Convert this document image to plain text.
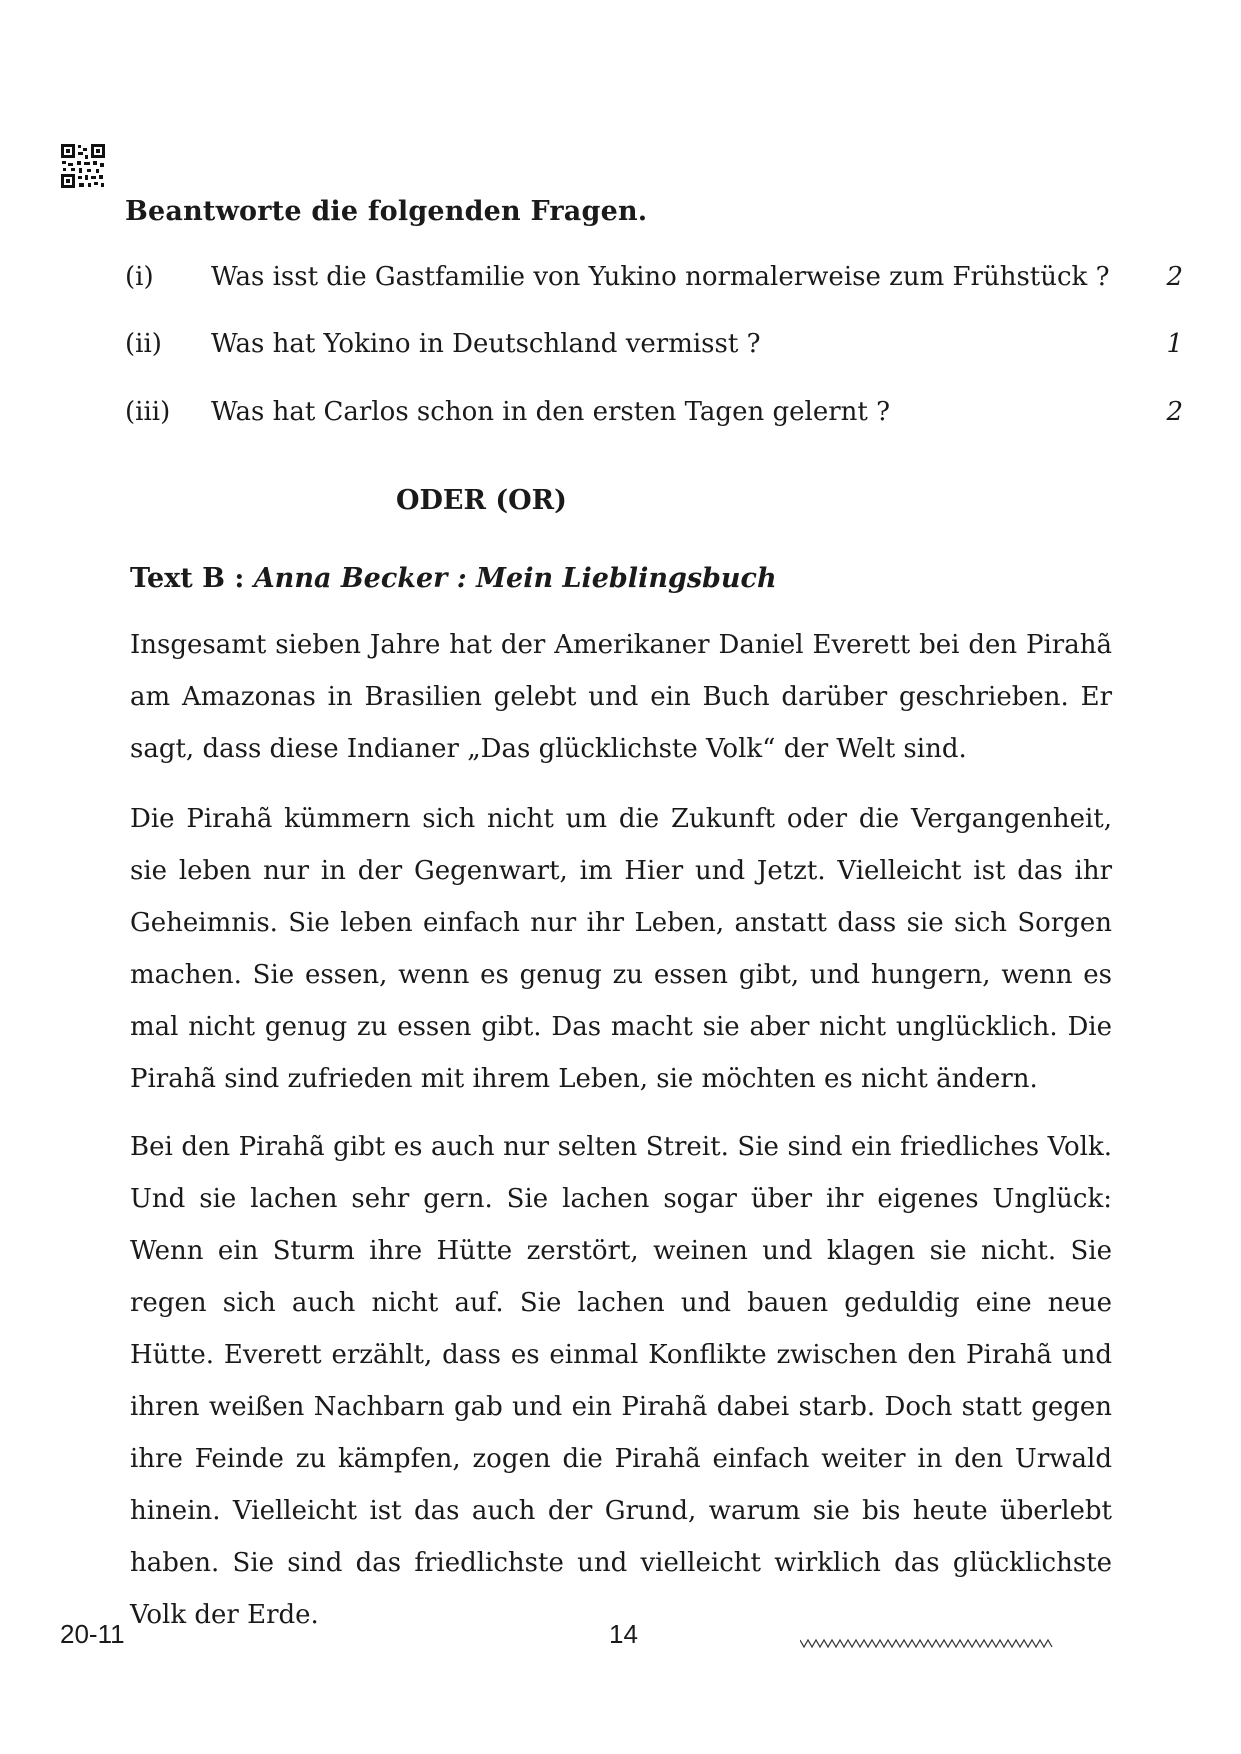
Beantworte die folgenden Fragen.
(i) Was isst die Gastfamilie von Yukino normalerweise zum Frühstück ? 2
(ii) Was hat Yokino in Deutschland vermisst ?	1
(iii) Was hat Carlos schon in den ersten Tagen gelernt ?	2
ODER (OR)
Text B : Anna Becker : Mein Lieblingsbuch

Insgesamt sieben Jahre hat der Amerikaner Daniel Everett bei den Pirahã am Amazonas in Brasilien gelebt und ein Buch darüber geschrieben. Er sagt, dass diese Indianer „Das glücklichste Volk“ der Welt sind.

Die Pirahã kümmern sich nicht um die Zukunft oder die Vergangenheit, sie leben nur in der Gegenwart, im Hier und Jetzt. Vielleicht ist das ihr Geheimnis. Sie leben einfach nur ihr Leben, anstatt dass sie sich Sorgen machen. Sie essen, wenn es genug zu essen gibt, und hungern, wenn es mal nicht genug zu essen gibt. Das macht sie aber nicht unglücklich. Die Pirahã sind zufrieden mit ihrem Leben, sie möchten es nicht ändern.

Bei den Pirahã gibt es auch nur selten Streit. Sie sind ein friedliches Volk. Und sie lachen sehr gern. Sie lachen sogar über ihr eigenes Unglück: Wenn ein Sturm ihre Hütte zerstört, weinen und klagen sie nicht. Sie regen sich auch nicht auf. Sie lachen und bauen geduldig eine neue Hütte. Everett erzählt, dass es einmal Konflikte zwischen den Pirahã und ihren weißen Nachbarn gab und ein Pirahã dabei starb. Doch statt gegen ihre Feinde zu kämpfen, zogen die Pirahã einfach weiter in den Urwald hinein. Vielleicht ist das auch der Grund, warum sie bis heute überlebt haben. Sie sind das friedlichste und vielleicht wirklich das glücklichste Volk der Erde.

20-11	14
